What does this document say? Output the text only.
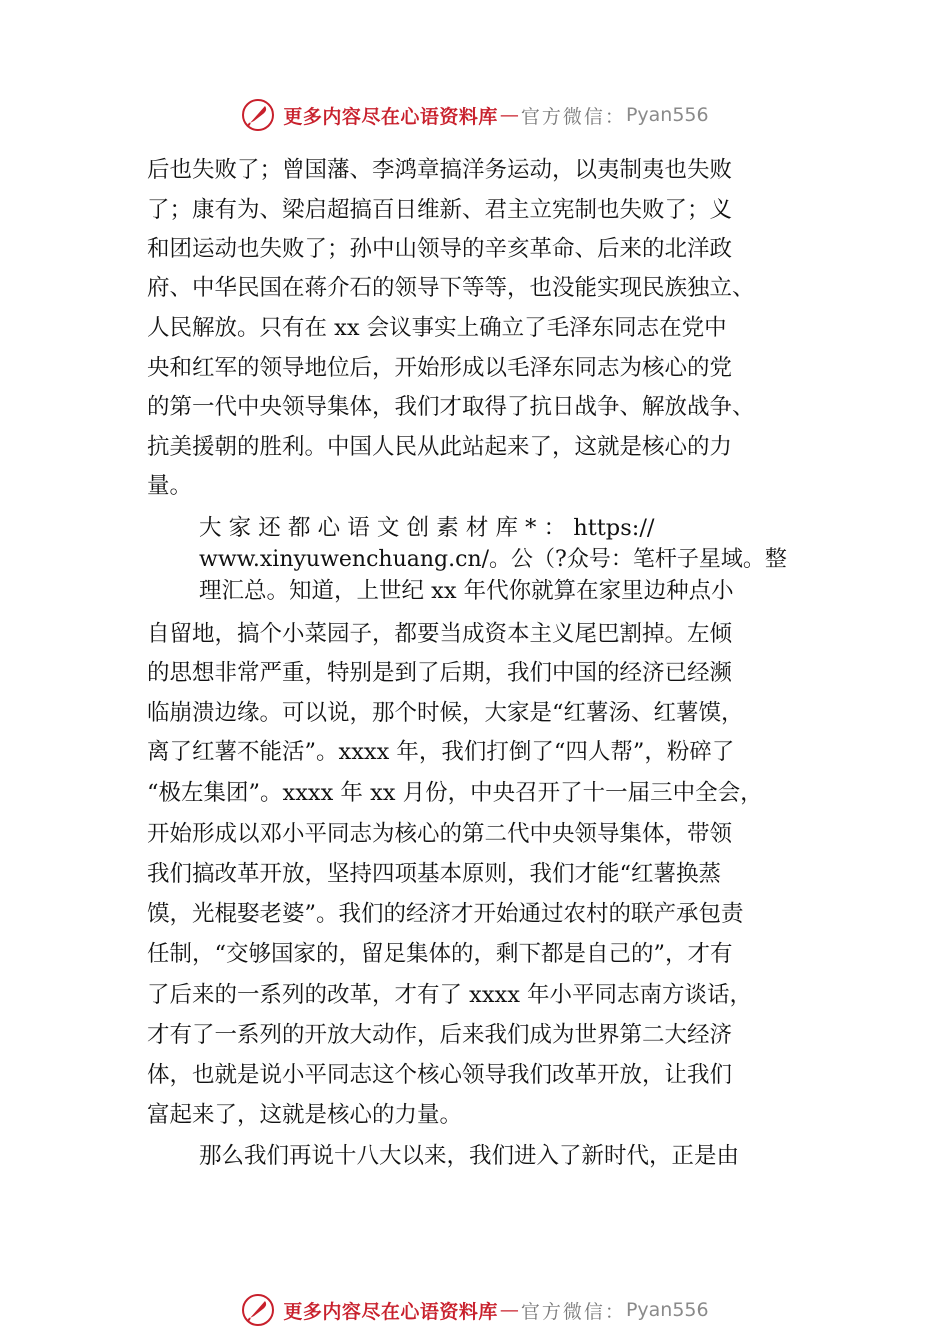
更多内容尽在心语资料库 — 官方微信： Pyan556
后也失败了；曾国藩、李鸿章搞洋务运动，以夷制夷也失败
了；康有为、梁启超搞百日维新、君主立宪制也失败了；义
和团运动也失败了；孙中山领导的辛亥革命、后来的北洋政
府、中华民国在蒋介石的领导下等等，也没能实现民族独立、
人民解放。只有在 xx 会议事实上确立了毛泽东同志在党中
央和红军的领导地位后，开始形成以毛泽东同志为核心的党
的第一代中央领导集体，我们才取得了抗日战争、解放战争、
抗美援朝的胜利。中国人民从此站起来了，这就是核心的力
量。
大 家 还 都 心 语 文 创 素 材 库 * ： https://
www.xinyuwenchuang.cn/。公（?众号：笔杆子星域。整
理汇总。知道，上世纪 xx 年代你就算在家里边种点小
自留地，搞个小菜园子，都要当成资本主义尾巴割掉。左倾
的思想非常严重，特别是到了后期，我们中国的经济已经濒
临崩溃边缘。可以说，那个时候，大家是“红薯汤、红薯馍，
离了红薯不能活”。xxxx 年，我们打倒了“四人帮”，粉碎了
“极左集团”。xxxx 年 xx 月份，中央召开了十一届三中全会，
开始形成以邓小平同志为核心的第二代中央领导集体，带领
我们搞改革开放，坚持四项基本原则，我们才能“红薯换蒸
馍，光棍娶老婆”。我们的经济才开始通过农村的联产承包责
任制，“交够国家的，留足集体的，剩下都是自己的”，才有
了后来的一系列的改革，才有了 xxxx 年小平同志南方谈话，
才有了一系列的开放大动作，后来我们成为世界第二大经济
体，也就是说小平同志这个核心领导我们改革开放，让我们
富起来了，这就是核心的力量。
那么我们再说十八大以来，我们进入了新时代，正是由
更多内容尽在心语资料库 — 官方微信： Pyan556
